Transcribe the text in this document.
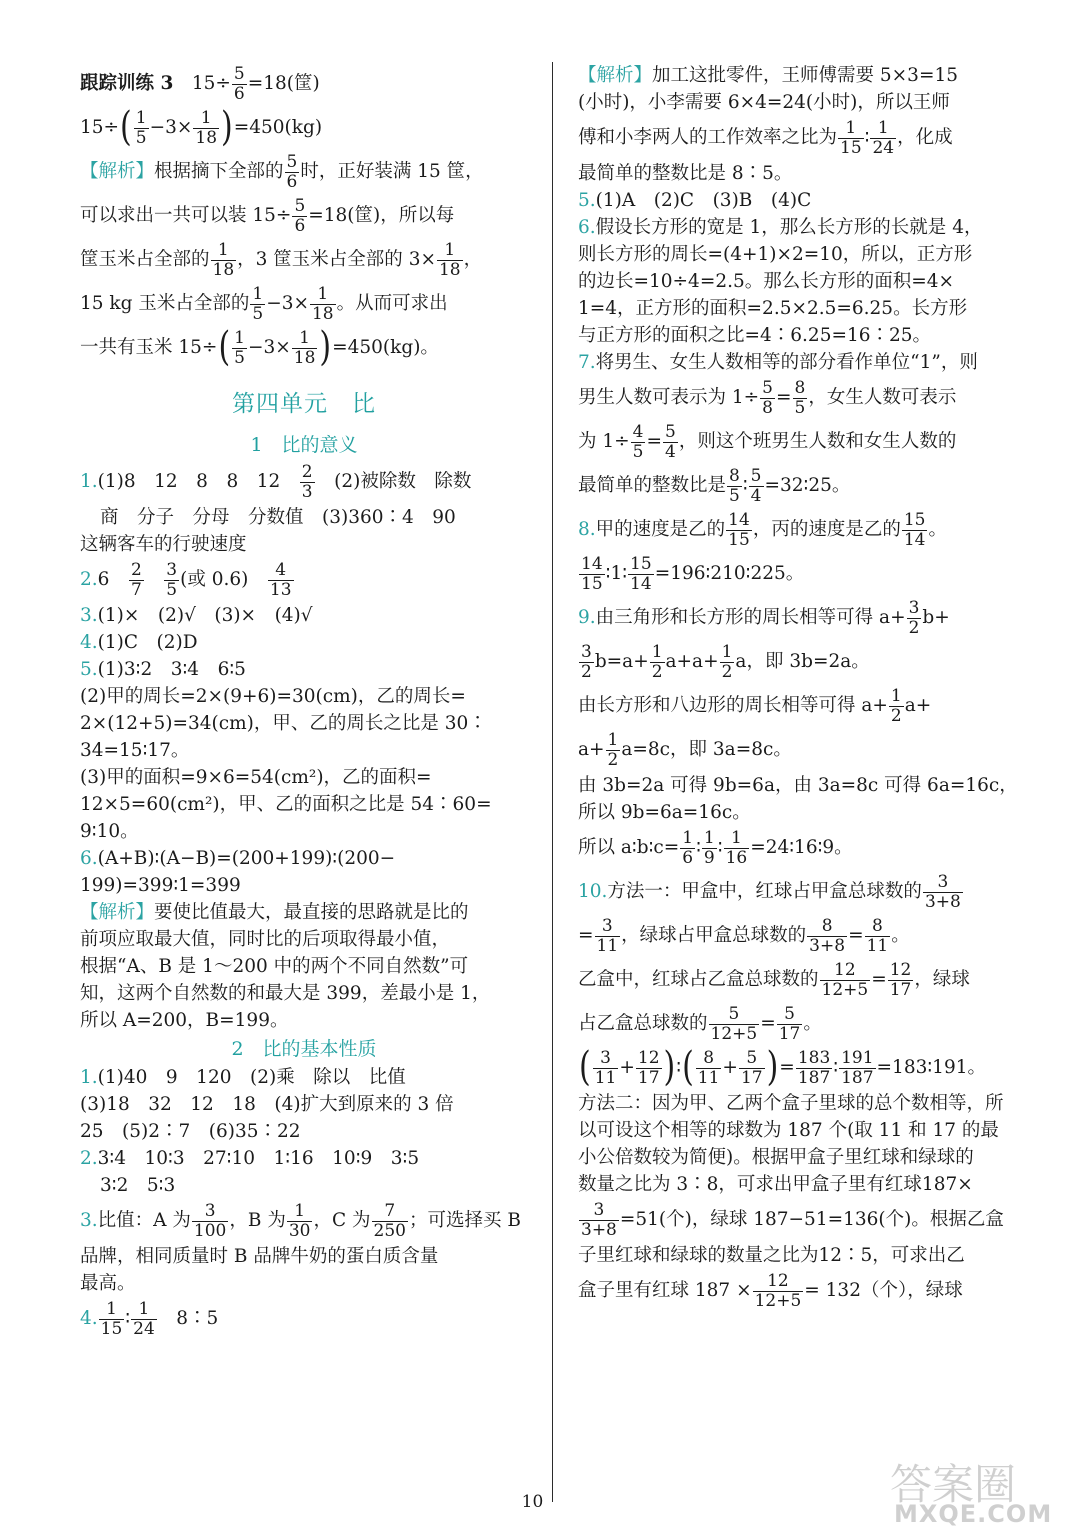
跟踪训练 3　 $15\div \frac{5}{6} =18$(筐)
$15\div( \frac{1}{5} -3\times \frac{1}{18} )=450(kg)$
【解析】根据摘下全部的 $\frac{5}{6}$ 时，正好装满 15 筐，
可以求出一共可以装 $15\div \frac{5}{6} =18$(筐)，所以每
筐玉米占全部的 $\frac{1}{18}$ ，3 筐玉米占全部的 $3\times \frac{1}{18}$ ，
15 kg 玉米占全部的 $\frac{1}{5} -3\times \frac{1}{18}$ 。从而可求出
一共有玉米 $15\div( \frac{1}{5} -3\times \frac{1}{18} )=450(kg)$。
第四单元　比
1　比的意义
1.(1)8　12　8　8　12　 $\frac{2}{3}$
　 (2)被除数　除数
商　分子　分母　分数值　(3)360∶4　90
这辆客车的行驶速度
2.6　 $\frac{2}{7}$
　 $\frac{3}{5}$ (或 0.6)　 $\frac{4}{13}$
3.(1)×　(2)√　(3)×　(4)√
4.(1)C　(2)D
5.(1)3∶2　3∶4　6∶5
(2)甲的周长=2×(9+6)=30(cm)，乙的周长=
2×(12+5)=34(cm)，甲、乙的周长之比是 30∶
34=15∶17。
(3)甲的面积=9×6=54(cm²)，乙的面积=
12×5=60(cm²)，甲、乙的面积之比是 54∶60=
9∶10。
6.(A+B)∶(A−B)=(200+199)∶(200−
199)=399∶1=399
【解析】要使比值最大，最直接的思路就是比的
前项应取最大值，同时比的后项取得最小值，
根据“A、B 是 1～200 中的两个不同自然数”可
知，这两个自然数的和最大是 399，差最小是 1，
所以 A=200，B=199。
2　比的基本性质
1.(1)40　9　120　(2)乘　除以　比值
(3)18　32　12　18　(4)扩大到原来的 3 倍
25　(5)2∶7　(6)35∶22
2.3∶4　10∶3　27∶10　1∶16　10∶9　3∶5
3∶2　5∶3
3.比值：A 为 $\frac{3}{100}$ ，B 为 $\frac{1}{30}$ ，C 为 $\frac{7}{250}$ ；可选择买 B
品牌，相同质量时 B 品牌牛奶的蛋白质含量
最高。
4. $\frac{1}{15}$ ∶ $\frac{1}{24}$
　 8∶5
【解析】加工这批零件，王师傅需要 5×3=15
(小时)，小李需要 6×4=24(小时)，所以王师
傅和小李两人的工作效率之比为 $\frac{1}{15}$ ∶ $\frac{1}{24}$ ，化成
最简单的整数比是 8∶5。
5.(1)A　(2)C　(3)B　(4)C
6.假设长方形的宽是 1，那么长方形的长就是 4，
则长方形的周长=(4+1)×2=10，所以，正方形
的边长=10÷4=2.5。那么长方形的面积=4×
1=4，正方形的面积=2.5×2.5=6.25。长方形
与正方形的面积之比=4∶6.25=16∶25。
7.将男生、女生人数相等的部分看作单位“1”，则
男生人数可表示为 $1\div \frac{5}{8} = \frac{8}{5}$ ，女生人数可表示
为 $1\div \frac{4}{5} = \frac{5}{4}$ ，则这个班男生人数和女生人数的
最简单的整数比是 $\frac{8}{5}$ ∶ $\frac{5}{4}$ =32∶25。
8.甲的速度是乙的 $\frac{14}{15}$ ，丙的速度是乙的 $\frac{15}{14}$ 。
$\frac{14}{15}$ ∶1∶ $\frac{15}{14}$ =196∶210∶225。
9.由三角形和长方形的周长相等可得 $a+ \frac{3}{2} b+$
$\frac{3}{2} b=a+ \frac{1}{2} a+a+ \frac{1}{2}$ a，即 3b=2a。
由长方形和八边形的周长相等可得 $a+ \frac{1}{2} a+$
$a+ \frac{1}{2} a=8c$，即 3a=8c。
由 3b=2a 可得 9b=6a，由 3a=8c 可得 6a=16c，
所以 9b=6a=16c。
所以 a∶b∶c= $\frac{1}{6}$ ∶ $\frac{1}{9}$ ∶ $\frac{1}{16}$ =24∶16∶9。
10.方法一：甲盒中，红球占甲盒总球数的 $\frac{3}{3+8}$
= $\frac{3}{11}$ ，绿球占甲盒总球数的 $\frac{8}{3+8} = \frac{8}{11}$ 。
乙盒中，红球占乙盒总球数的 $\frac{12}{12+5} = \frac{12}{17}$ ，绿球
占乙盒总球数的 $\frac{5}{12+5} = \frac{5}{17}$ 。
( $\frac{3}{11} + \frac{12}{17}$ )∶( $\frac{8}{11} + \frac{5}{17}$ )= $\frac{183}{187}$ ∶ $\frac{191}{187}$ =183∶191。
方法二：因为甲、乙两个盒子里球的总个数相等，所
以可设这个相等的球数为 187 个(取 11 和 17 的最
小公倍数较为简便)。根据甲盒子里红球和绿球的
数量之比为 3∶8，可求出甲盒子里有红球187×
$\frac{3}{3+8} =51$(个)，绿球 187−51=136(个)。根据乙盒
子里红球和绿球的数量之比为12∶5，可求出乙
盒子里有红球 $187 \times \frac{12}{12+5} = 132$（个），绿球
10	答案圈
MXQE.COM
